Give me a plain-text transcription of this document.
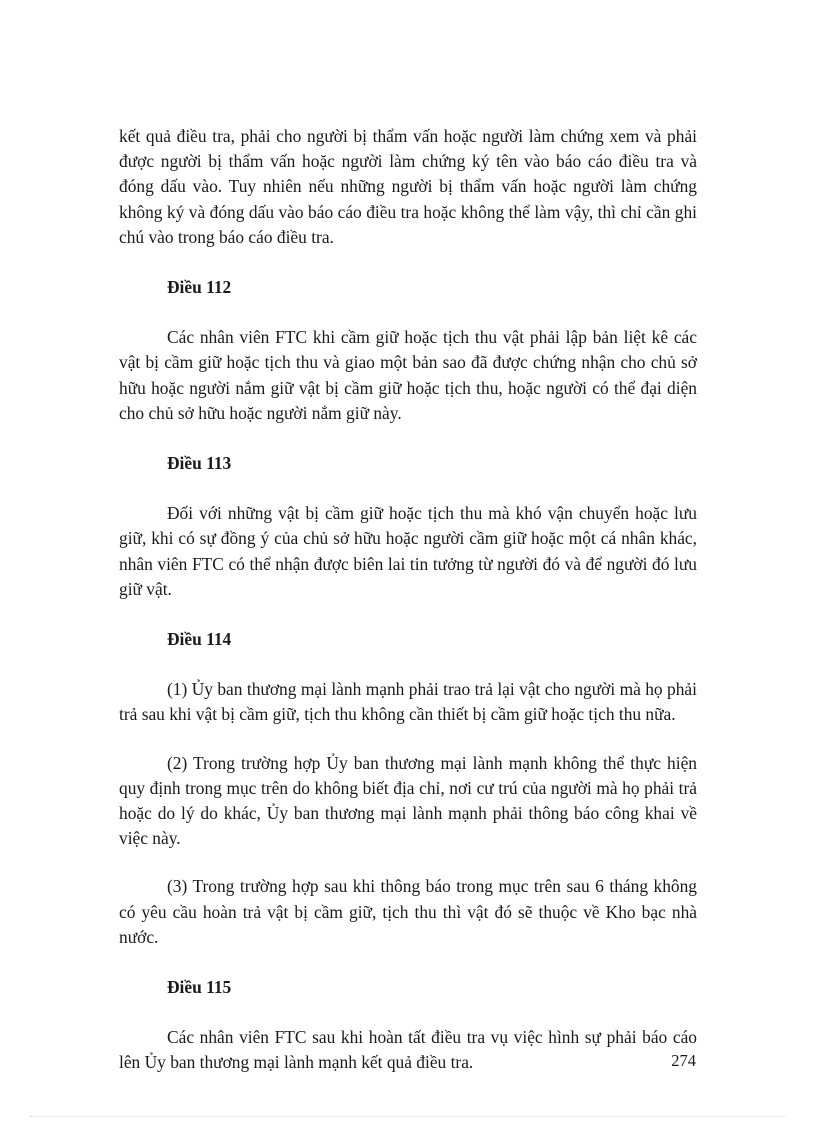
kết quả điều tra, phải cho người bị thẩm vấn hoặc người làm chứng xem và phải được người bị thẩm vấn hoặc người làm chứng ký tên vào báo cáo điều tra và đóng dấu vào. Tuy nhiên nếu những người bị thẩm vấn hoặc người làm chứng không ký và đóng dấu vào báo cáo điều tra hoặc không thể làm vậy, thì chỉ cần ghi chú vào trong báo cáo điều tra.

Điều 112

Các nhân viên FTC khi cầm giữ hoặc tịch thu vật phải lập bản liệt kê các vật bị cầm giữ hoặc tịch thu và giao một bản sao đã được chứng nhận cho chủ sở hữu hoặc người nắm giữ vật bị cầm giữ hoặc tịch thu, hoặc người có thể đại diện cho chủ sở hữu hoặc người nắm giữ này.

Điều 113

Đối với những vật bị cầm giữ hoặc tịch thu mà khó vận chuyển hoặc lưu giữ, khi có sự đồng ý của chủ sở hữu hoặc người cầm giữ hoặc một cá nhân khác, nhân viên FTC có thể nhận được biên lai tin tưởng từ người đó và để người đó lưu giữ vật.

Điều 114

(1) Ủy ban thương mại lành mạnh phải trao trả lại vật cho người mà họ phải trả sau khi vật bị cầm giữ, tịch thu không cần thiết bị cầm giữ hoặc tịch thu nữa.

(2) Trong trường hợp Ủy ban thương mại lành mạnh không thể thực hiện quy định trong mục trên do không biết địa chỉ, nơi cư trú của người mà họ phải trả hoặc do lý do khác, Ủy ban thương mại lành mạnh phải thông báo công khai về việc này.

(3) Trong trường hợp sau khi thông báo trong mục trên sau 6 tháng không có yêu cầu hoàn trả vật bị cầm giữ, tịch thu thì vật đó sẽ thuộc về Kho bạc nhà nước.

Điều 115

Các nhân viên FTC sau khi hoàn tất điều tra vụ việc hình sự phải báo cáo lên Ủy ban thương mại lành mạnh kết quả điều tra.	274
